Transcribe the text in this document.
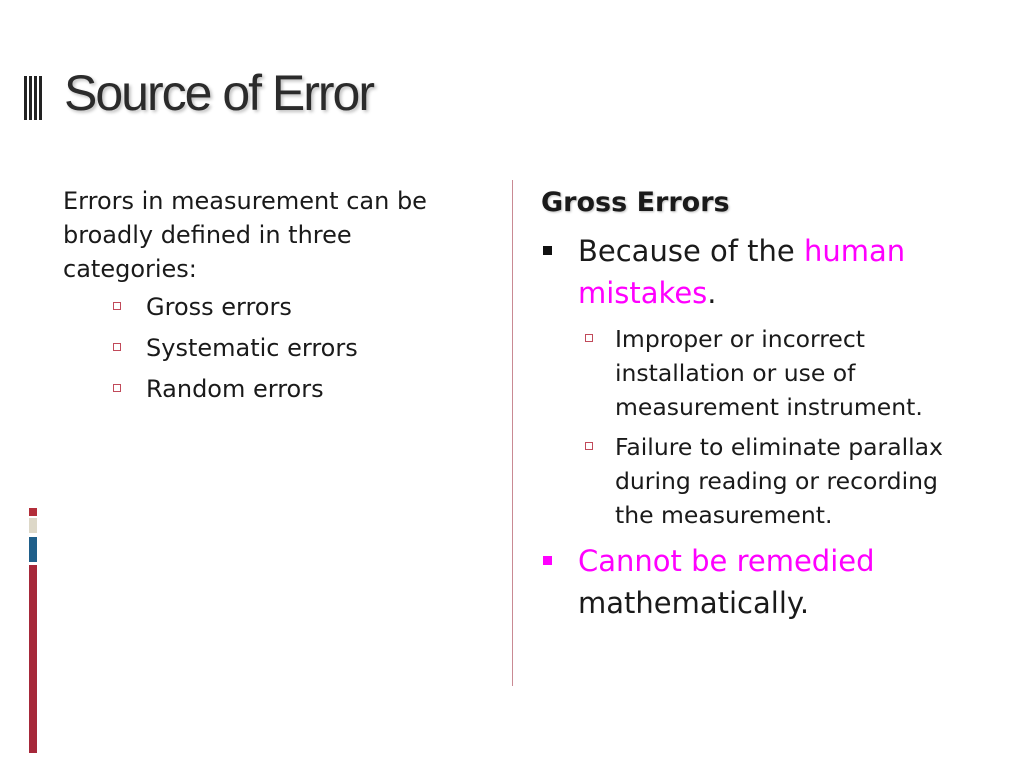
Source of Error

Errors in measurement can be broadly defined in three categories:

Gross errors
Systematic errors
Random errors
Gross Errors
Because of the human mistakes.
Improper or incorrect installation or use of measurement instrument.
Failure to eliminate parallax during reading or recording the measurement.
Cannot be remedied
mathematically.
